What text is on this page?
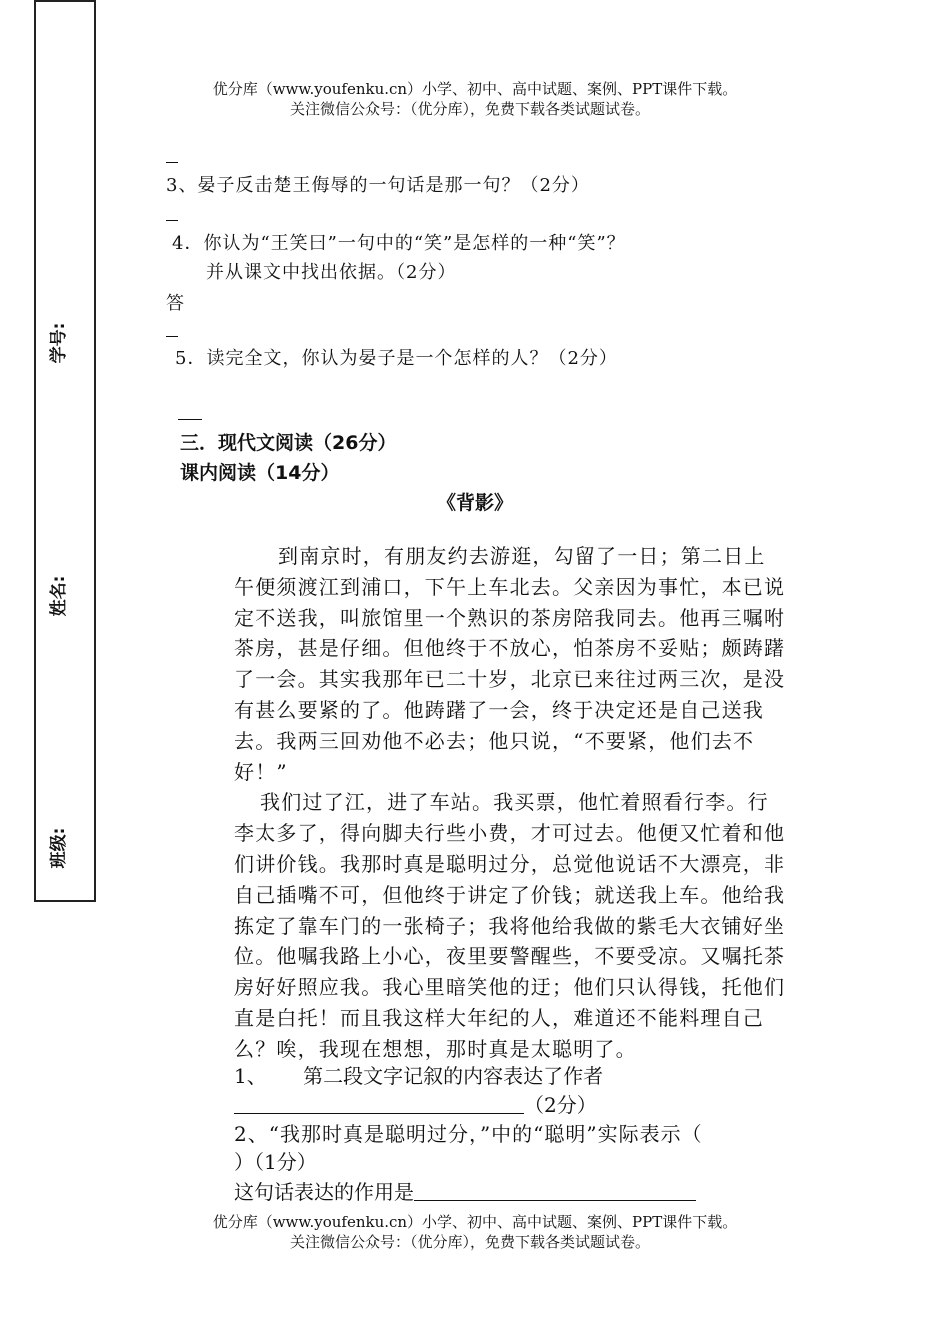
学号:
姓名:
班级:
优分库（www.youfenku.cn）小学、初中、高中试题、案例、PPT课件下载。

关注微信公众号：（优分库），免费下载各类试题试卷。
3、晏子反击楚王侮辱的一句话是那一句？（2分）
4．你认为“王笑曰”一句中的“笑”是怎样的一种“笑”？
并从课文中找出依据。（2分）
答
5．读完全文，你认为晏子是一个怎样的人？（2分）
三．现代文阅读（26分）
课内阅读（14分）
《背影》

到南京时，有朋友约去游逛，勾留了一日；第二日上午便须渡江到浦口，下午上车北去。父亲因为事忙，本已说定不送我，叫旅馆里一个熟识的茶房陪我同去。他再三嘱咐茶房，甚是仔细。但他终于不放心，怕茶房不妥贴；颇踌躇了一会。其实我那年已二十岁，北京已来往过两三次，是没有甚么要紧的了。他踌躇了一会，终于决定还是自己送我去。我两三回劝他不必去；他只说，“不要紧，他们去不好！”

我们过了江，进了车站。我买票，他忙着照看行李。行李太多了，得向脚夫行些小费，才可过去。他便又忙着和他们讲价钱。我那时真是聪明过分，总觉他说话不大漂亮，非自己插嘴不可，但他终于讲定了价钱；就送我上车。他给我拣定了靠车门的一张椅子；我将他给我做的紫毛大衣铺好坐位。他嘱我路上小心，夜里要警醒些，不要受凉。又嘱托茶房好好照应我。我心里暗笑他的迂；他们只认得钱，托他们直是白托！而且我这样大年纪的人，难道还不能料理自己么？唉，我现在想想，那时真是太聪明了。

1、 第二段文字记叙的内容表达了作者
（2分）
2、“我那时真是聪明过分，”中的“聪明”实际表示（
）（1分）
这句话表达的作用是
优分库（www.youfenku.cn）小学、初中、高中试题、案例、PPT课件下载。

关注微信公众号：（优分库），免费下载各类试题试卷。
